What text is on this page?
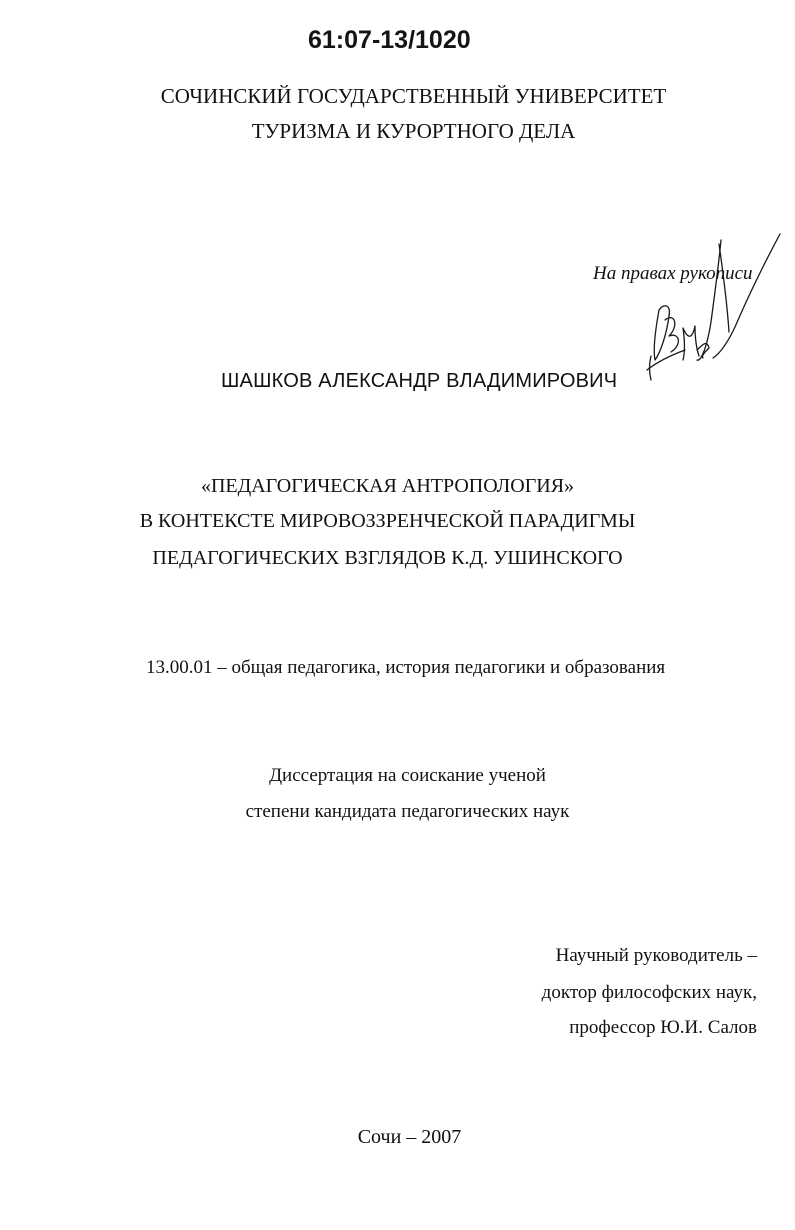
61:07-13/1020
СОЧИНСКИЙ ГОСУДАРСТВЕННЫЙ УНИВЕРСИТЕТ
ТУРИЗМА И КУРОРТНОГО ДЕЛА
На правах рукописи
ШАШКОВ АЛЕКСАНДР ВЛАДИМИРОВИЧ
«ПЕДАГОГИЧЕСКАЯ АНТРОПОЛОГИЯ»
В КОНТЕКСТЕ МИРОВОЗЗРЕНЧЕСКОЙ ПАРАДИГМЫ
ПЕДАГОГИЧЕСКИХ ВЗГЛЯДОВ К.Д. УШИНСКОГО
13.00.01 – общая педагогика, история педагогики и образования
Диссертация на соискание ученой
степени кандидата педагогических наук
Научный руководитель –
доктор философских наук,
профессор Ю.И. Салов
Сочи – 2007
